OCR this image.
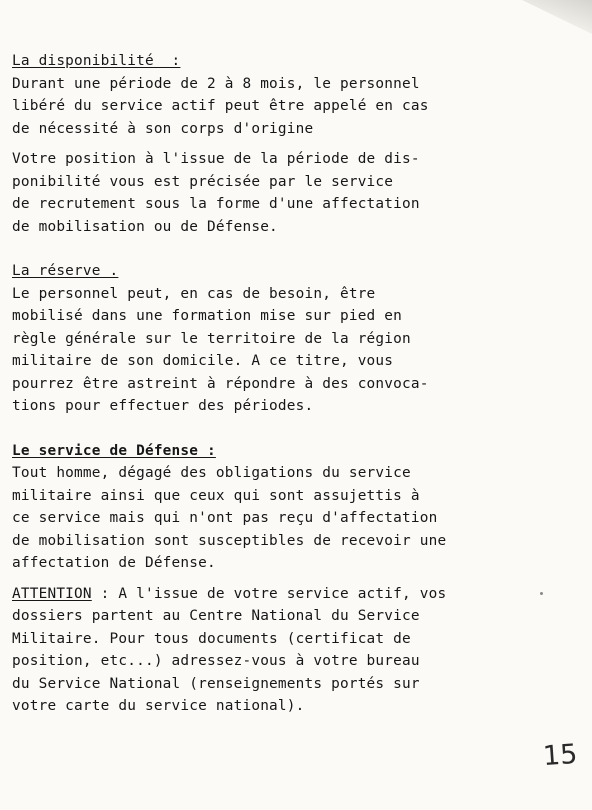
La disponibilité  :
Durant une période de 2 à 8 mois, le personnel
libéré du service actif peut être appelé en cas
de nécessité à son corps d'origine
Votre position à l'issue de la période de dis-
ponibilité vous est précisée par le service
de recrutement sous la forme d'une affectation
de mobilisation ou de Défense.
La réserve .
Le personnel peut, en cas de besoin, être
mobilisé dans une formation mise sur pied en
règle générale sur le territoire de la région
militaire de son domicile. A ce titre, vous
pourrez être astreint à répondre à des convoca-
tions pour effectuer des périodes.
Le service de Défense :
Tout homme, dégagé des obligations du service
militaire ainsi que ceux qui sont assujettis à
ce service mais qui n'ont pas reçu d'affectation
de mobilisation sont susceptibles de recevoir une
affectation de Défense.
ATTENTION : A l'issue de votre service actif, vos
dossiers partent au Centre National du Service
Militaire. Pour tous documents (certificat de
position, etc...) adressez-vous à votre bureau
du Service National (renseignements portés sur
votre carte du service national).
15
